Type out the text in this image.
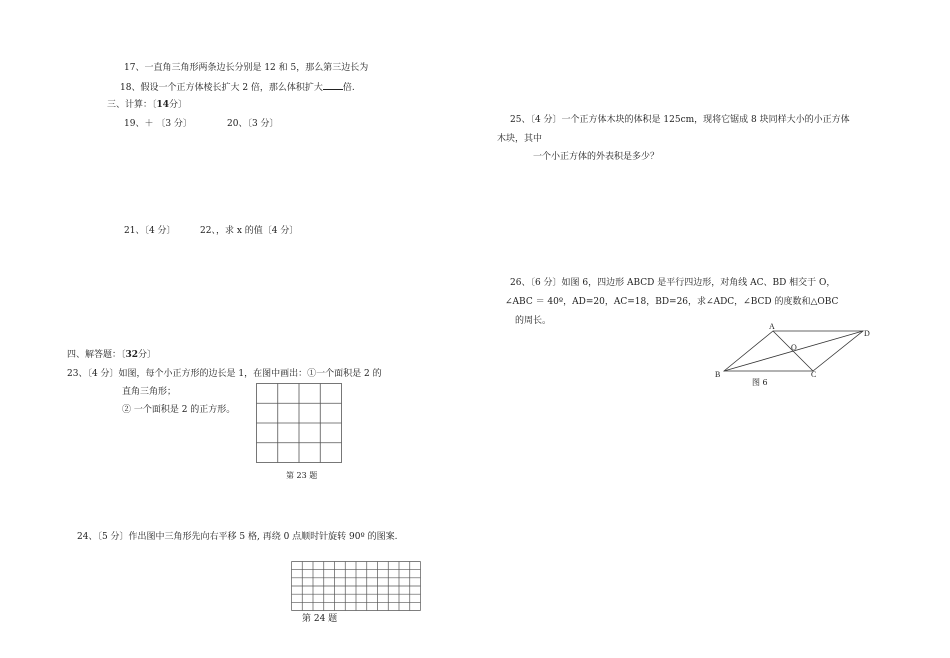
17、一直角三角形两条边长分别是 12 和 5，那么第三边长为
18、假设一个正方体棱长扩大 2 倍，那么体积扩大 倍.
三、计算：〔14分〕
19、＋ 〔3 分〕	20、〔3 分〕
21、〔4 分〕	22、，求 x 的值〔4 分〕
四、解答题：〔32分〕
23、〔4 分〕如图，每个小正方形的边长是 1，在图中画出：①一个面积是 2 的
直角三角形；
② 一个面积是 2 的正方形。
第 23 题
24、〔5 分〕作出图中三角形先向右平移 5 格, 再绕 0 点顺时针旋转 90º 的图案.
第 24 题
25、〔4 分〕一个正方体木块的体积是 125cm，现将它锯成 8 块同样大小的小正方体
木块，其中
一个小正方体的外表积是多少？
26、〔6 分〕如图 6，四边形 ABCD 是平行四边形，对角线 AC、BD 相交于 O，
∠ABC ＝ 40º，AD=20，AC=18，BD=26，求∠ADC，∠BCD 的度数和△OBC
的周长。
A
B	C
D
O
图 6
